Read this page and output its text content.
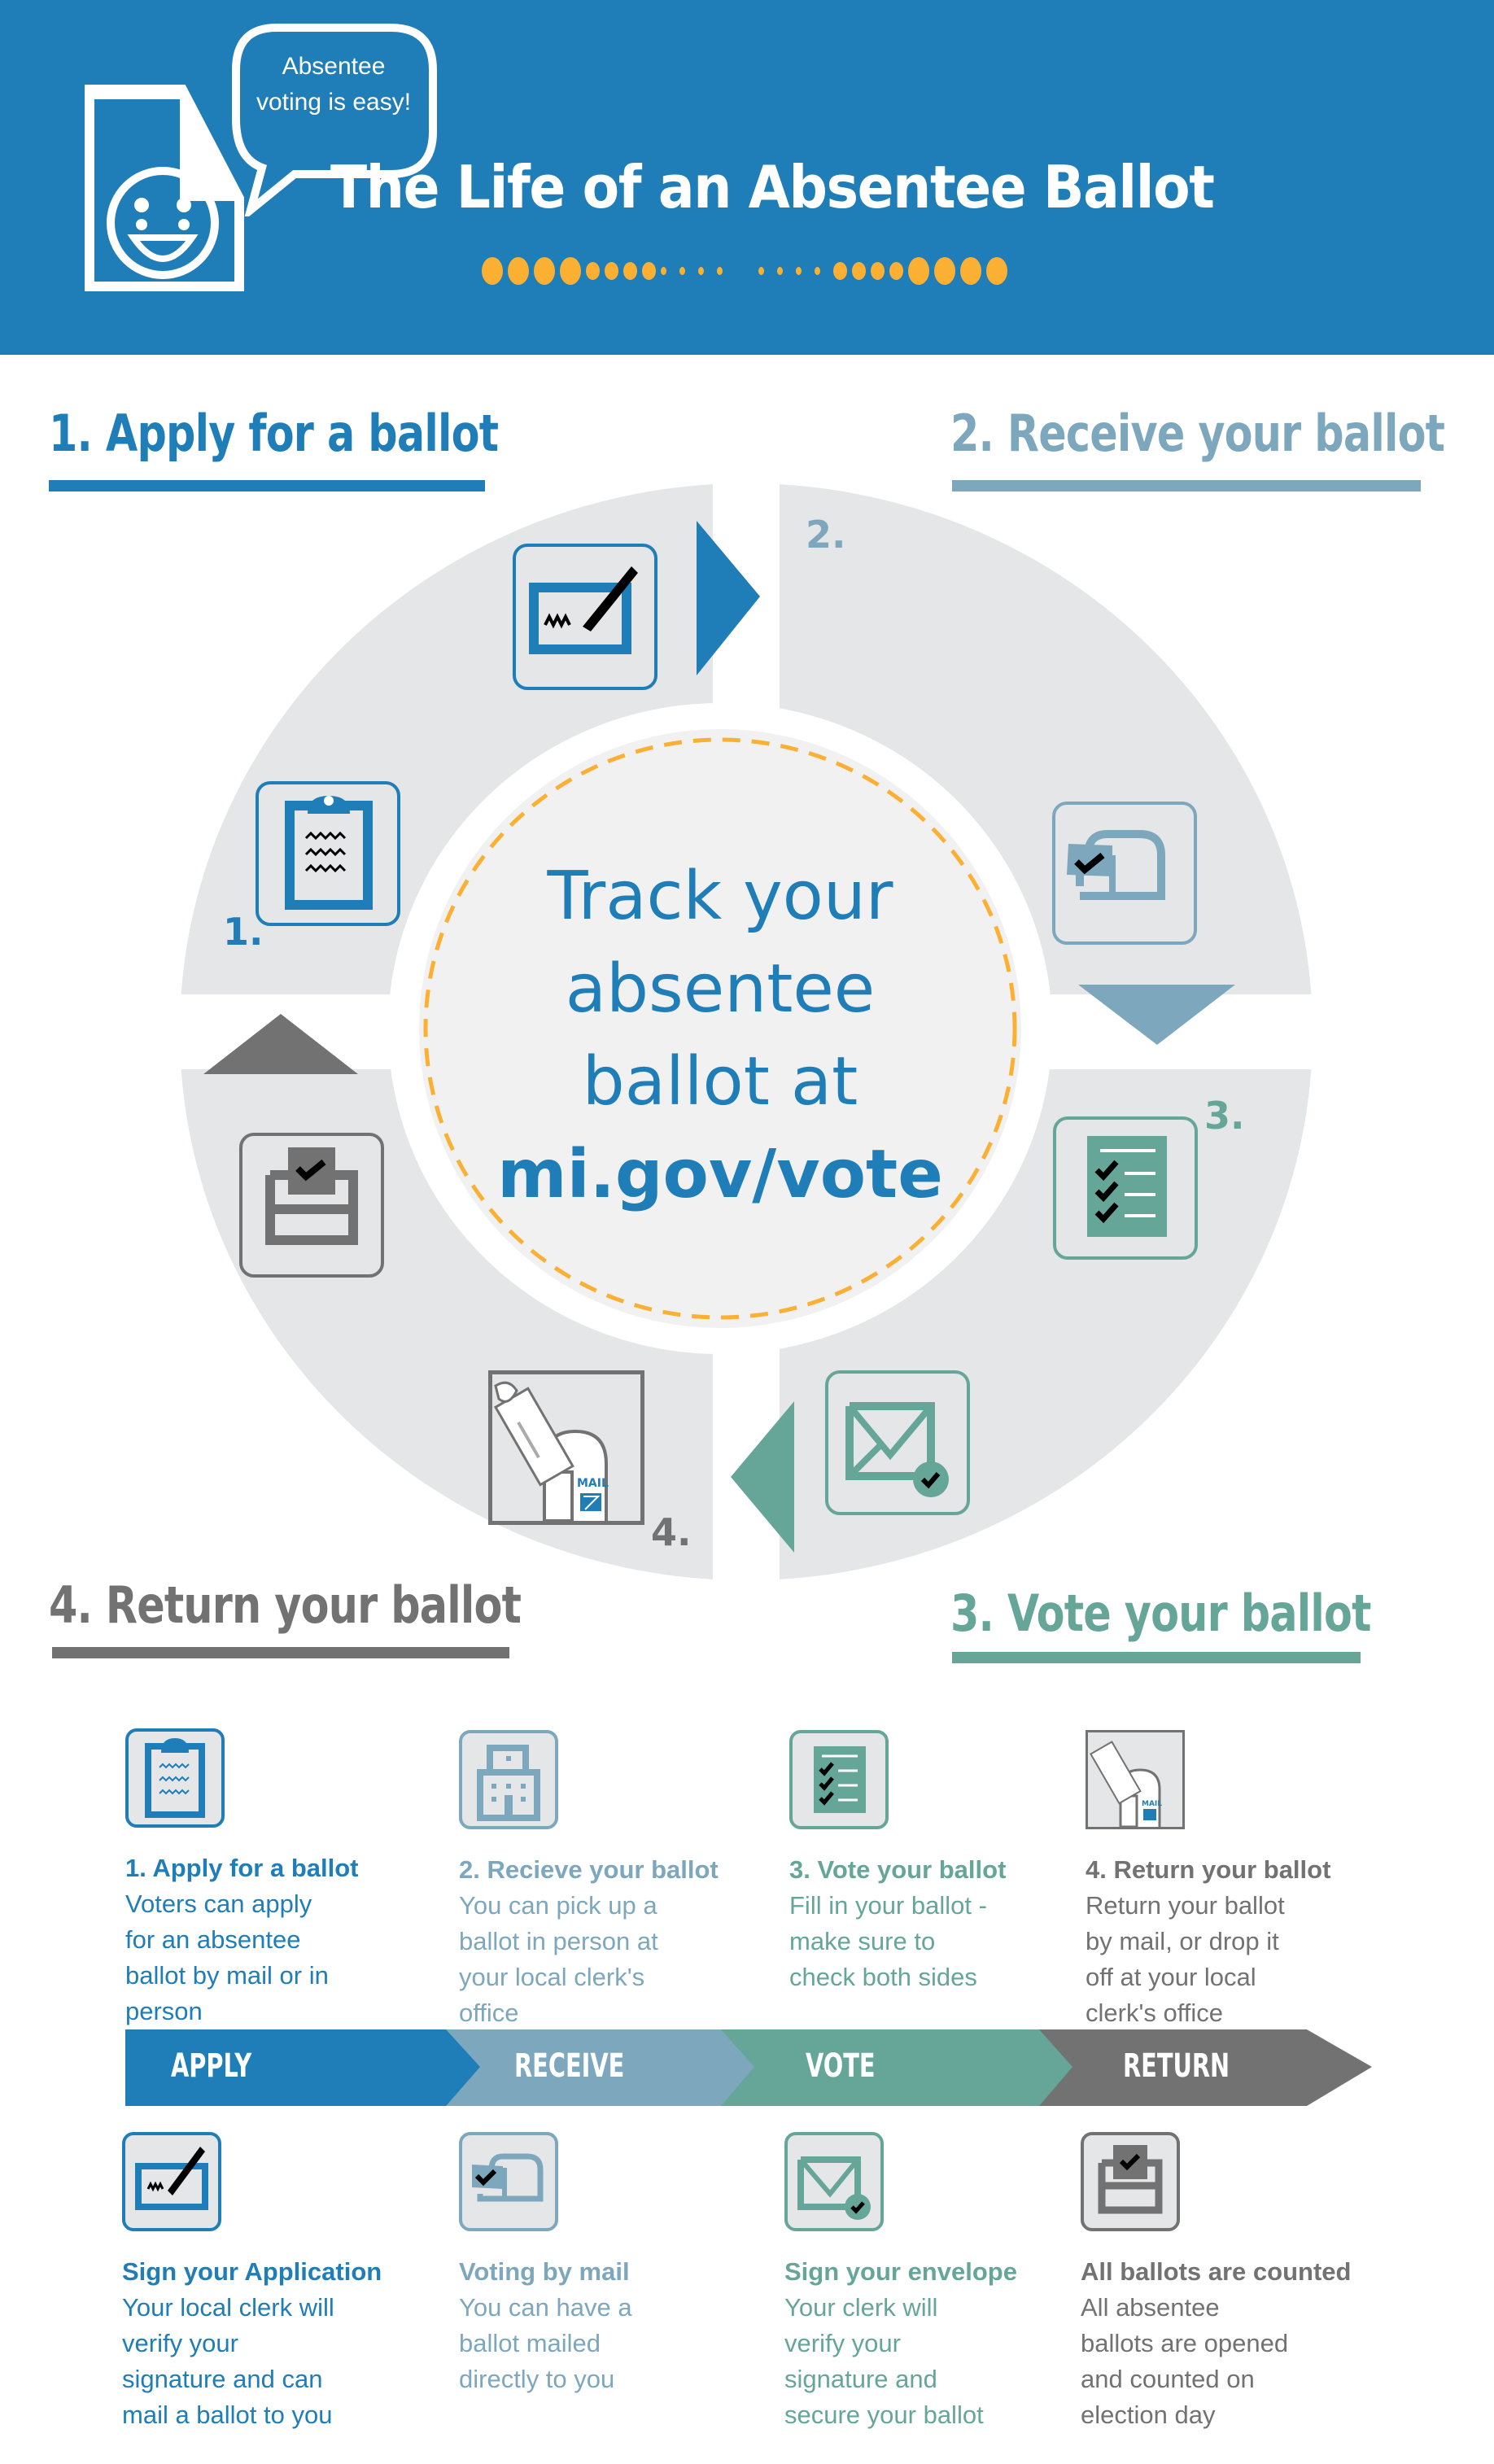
Absentee
voting is easy!
The Life of an Absentee Ballot
1. Apply for a ballot	2. Receive your ballot
4. Return your ballot	3. Vote your ballot
1.
2.
3.
MAIL
4.
Track your
absentee
ballot at
mi.gov/vote
1. Apply for a ballot
Voters can apply
for an absentee
ballot by mail or in
person
2. Recieve your ballot
You can pick up a
ballot in person at
your local clerk's
office
3. Vote your ballot
Fill in your ballot -
make sure to
check both sides
MAIL
4. Return your ballot
Return your ballot
by mail, or drop it
off at your local
clerk's office
APPLY	RECEIVE	VOTE	RETURN
Sign your Application
Your local clerk will
verify your
signature and can
mail a ballot to you
Voting by mail
You can have a
ballot mailed
directly to you
Sign your envelope
Your clerk will
verify your
signature and
secure your ballot
All ballots are counted
All absentee
ballots are opened
and counted on
election day
